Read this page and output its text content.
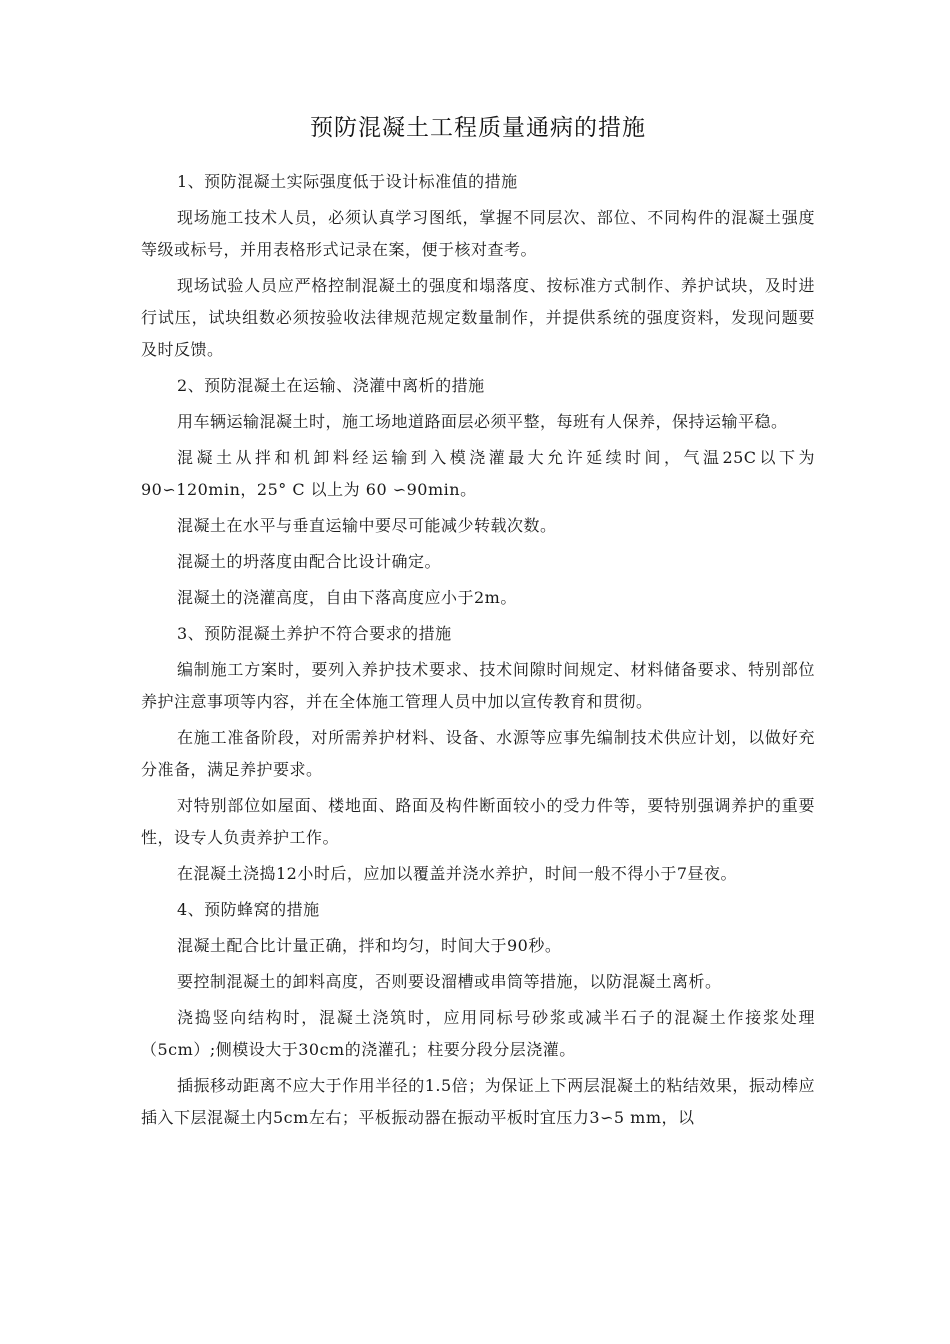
预防混凝土工程质量通病的措施

1、预防混凝土实际强度低于设计标准值的措施

现场施工技术人员，必须认真学习图纸，掌握不同层次、部位、不同构件的混凝土强度等级或标号，并用表格形式记录在案，便于核对查考。

现场试验人员应严格控制混凝土的强度和塌落度、按标准方式制作、养护试块，及时进行试压，试块组数必须按验收法律规范规定数量制作，并提供系统的强度资料，发现问题要及时反馈。

2、预防混凝土在运输、浇灌中离析的措施

用车辆运输混凝土时，施工场地道路面层必须平整，每班有人保养，保持运输平稳。

混凝土从拌和机卸料经运输到入模浇灌最大允许延续时间，气温25C以下为 90∽120min，25° C 以上为 60 ∽90min。

混凝土在水平与垂直运输中要尽可能减少转载次数。

混凝土的坍落度由配合比设计确定。

混凝土的浇灌高度，自由下落高度应小于2m。

3、预防混凝土养护不符合要求的措施

编制施工方案时，要列入养护技术要求、技术间隙时间规定、材料储备要求、特别部位养护注意事项等内容，并在全体施工管理人员中加以宣传教育和贯彻。

在施工准备阶段，对所需养护材料、设备、水源等应事先编制技术供应计划，以做好充分准备，满足养护要求。

对特别部位如屋面、楼地面、路面及构件断面较小的受力件等，要特别强调养护的重要性，设专人负责养护工作。

在混凝土浇捣12小时后，应加以覆盖并浇水养护，时间一般不得小于7昼夜。

4、预防蜂窝的措施

混凝土配合比计量正确，拌和均匀，时间大于90秒。

要控制混凝土的卸料高度，否则要设溜槽或串筒等措施，以防混凝土离析。

浇捣竖向结构时，混凝土浇筑时，应用同标号砂浆或减半石子的混凝土作接浆处理（5cm）;侧模设大于30cm的浇灌孔；柱要分段分层浇灌。

插振移动距离不应大于作用半径的1.5倍；为保证上下两层混凝土的粘结效果，振动棒应插入下层混凝土内5cm左右；平板振动器在振动平板时宜压力3∽5 mm，以
